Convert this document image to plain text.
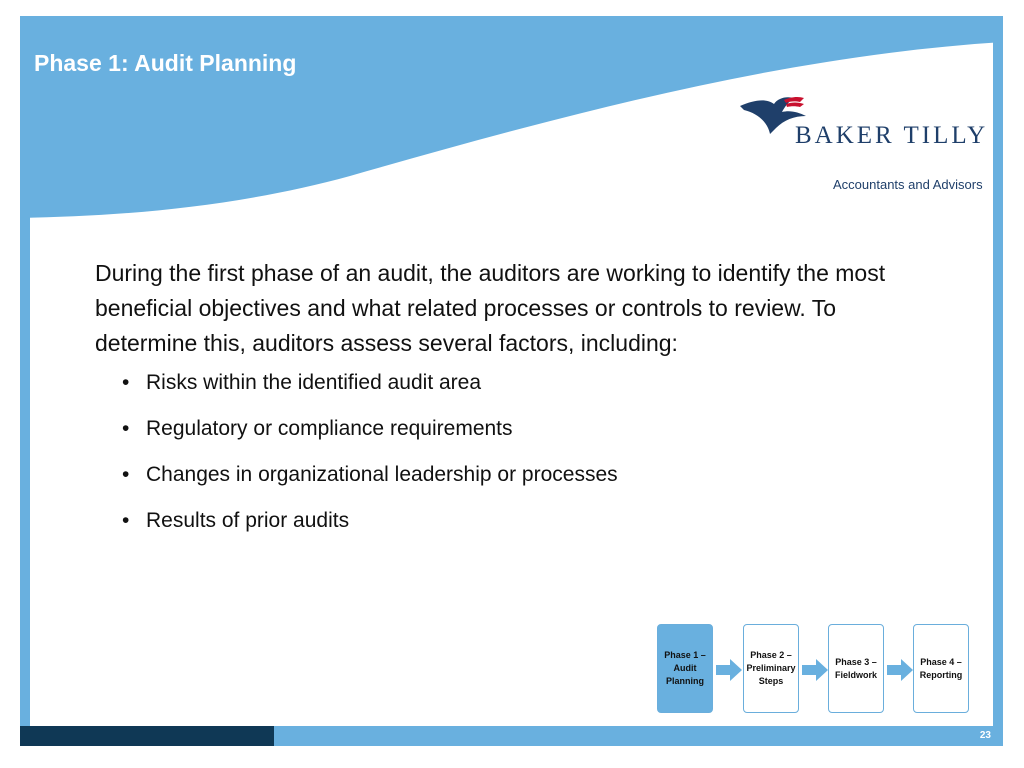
Phase 1: Audit Planning
BAKER TILLY
Accountants and Advisors

During the first phase of an audit, the auditors are working to identify the most beneficial objectives and what related processes or controls to review. To determine this, auditors assess several factors, including:

• Risks within the identified audit area
• Regulatory or compliance requirements
• Changes in organizational leadership or processes
• Results of prior audits
Phase 1 – Audit Planning
Phase 2 – Preliminary Steps
Phase 3 – Fieldwork
Phase 4 – Reporting
23
